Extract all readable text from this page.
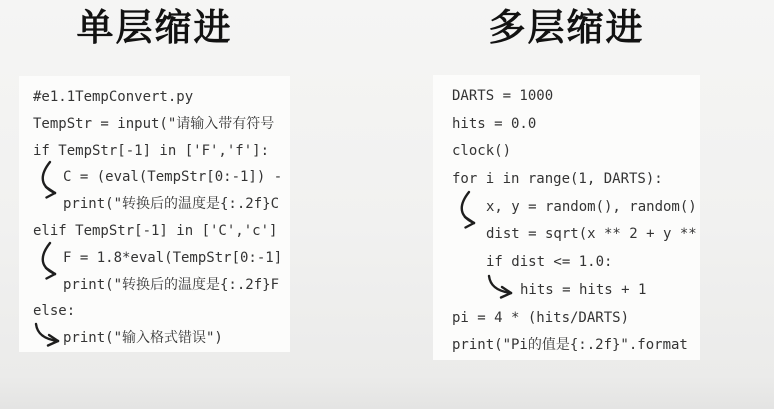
单层缩进	多层缩进
#e1.1TempConvert.py
TempStr = input("请输入带有符号
if TempStr[-1] in ['F','f']:
C = (eval(TempStr[0:-1]) -
print("转换后的温度是{:.2f}C
elif TempStr[-1] in ['C','c']
F = 1.8*eval(TempStr[0:-1]
print("转换后的温度是{:.2f}F
else:
print("输入格式错误")
DARTS = 1000
hits = 0.0
clock()
for i in range(1, DARTS):
x, y = random(), random()
dist = sqrt(x ** 2 + y **
if dist <= 1.0:
hits = hits + 1
pi = 4 * (hits/DARTS)
print("Pi的值是{:.2f}".format
